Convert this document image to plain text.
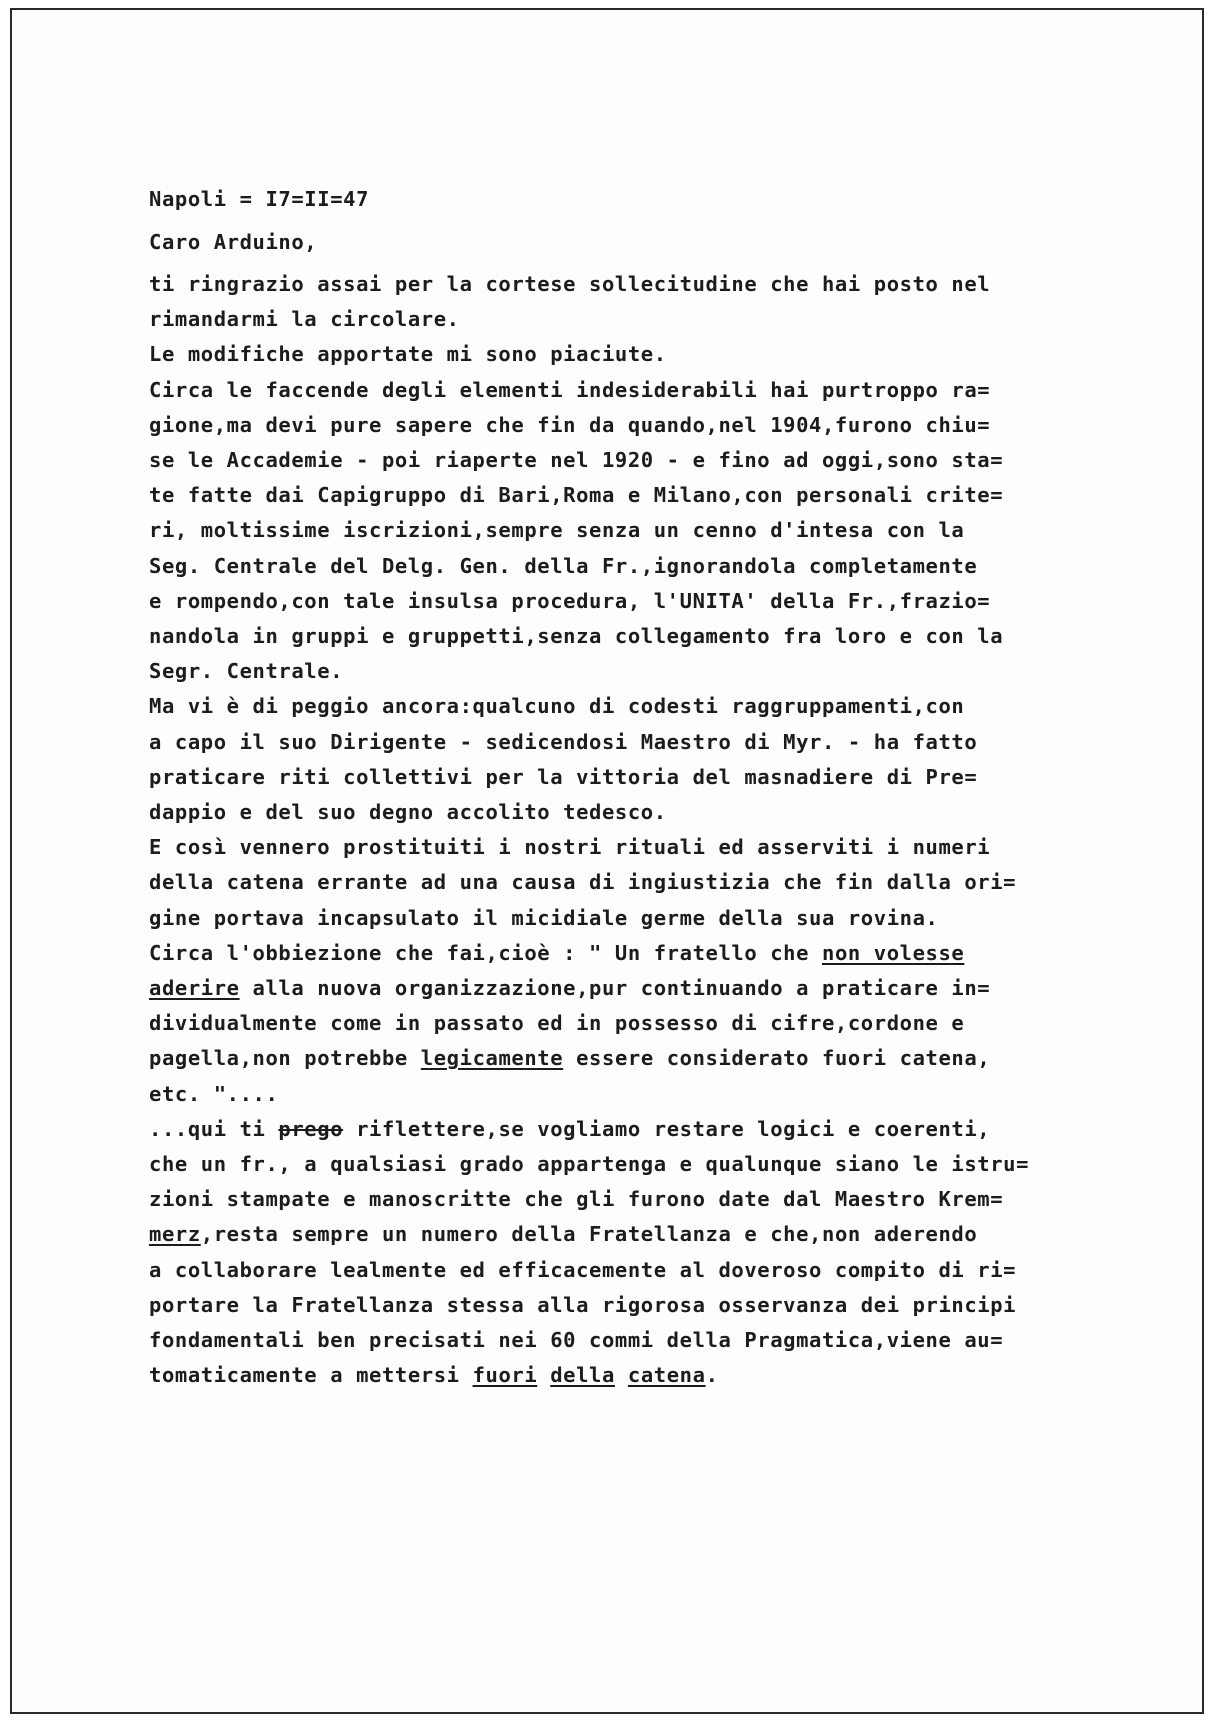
Napoli = I7=II=47
Caro Arduino,
ti ringrazio assai per la cortese sollecitudine che hai posto nel
rimandarmi la circolare.
Le modifiche apportate mi sono piaciute.
Circa le faccende degli elementi indesiderabili hai purtroppo ra=
gione,ma devi pure sapere che fin da quando,nel 1904,furono chiu=
se le Accademie - poi riaperte nel 1920 - e fino ad oggi,sono sta=
te fatte dai Capigruppo di Bari,Roma e Milano,con personali crite=
ri, moltissime iscrizioni,sempre senza un cenno d'intesa con la
Seg. Centrale del Delg. Gen. della Fr.,ignorandola completamente
e rompendo,con tale insulsa procedura, l'UNITA' della Fr.,frazio=
nandola in gruppi e gruppetti,senza collegamento fra loro e con la
Segr. Centrale.
Ma vi è di peggio ancora:qualcuno di codesti raggruppamenti,con
a capo il suo Dirigente - sedicendosi Maestro di Myr. - ha fatto
praticare riti collettivi per la vittoria del masnadiere di Pre=
dappio e del suo degno accolito tedesco.
E così vennero prostituiti i nostri rituali ed asserviti i numeri
della catena errante ad una causa di ingiustizia che fin dalla ori=
gine portava incapsulato il micidiale germe della sua rovina.
Circa l'obbiezione che fai,cioè : " Un fratello che non volesse
aderire alla nuova organizzazione,pur continuando a praticare in=
dividualmente come in passato ed in possesso di cifre,cordone e
pagella,non potrebbe legicamente essere considerato fuori catena,
etc. "....
...qui ti prego riflettere,se vogliamo restare logici e coerenti,
che un fr., a qualsiasi grado appartenga e qualunque siano le istru=
zioni stampate e manoscritte che gli furono date dal Maestro Krem=
merz,resta sempre un numero della Fratellanza e che,non aderendo
a collaborare lealmente ed efficacemente al doveroso compito di ri=
portare la Fratellanza stessa alla rigorosa osservanza dei principi
fondamentali ben precisati nei 60 commi della Pragmatica,viene au=
tomaticamente a mettersi fuori della catena.
